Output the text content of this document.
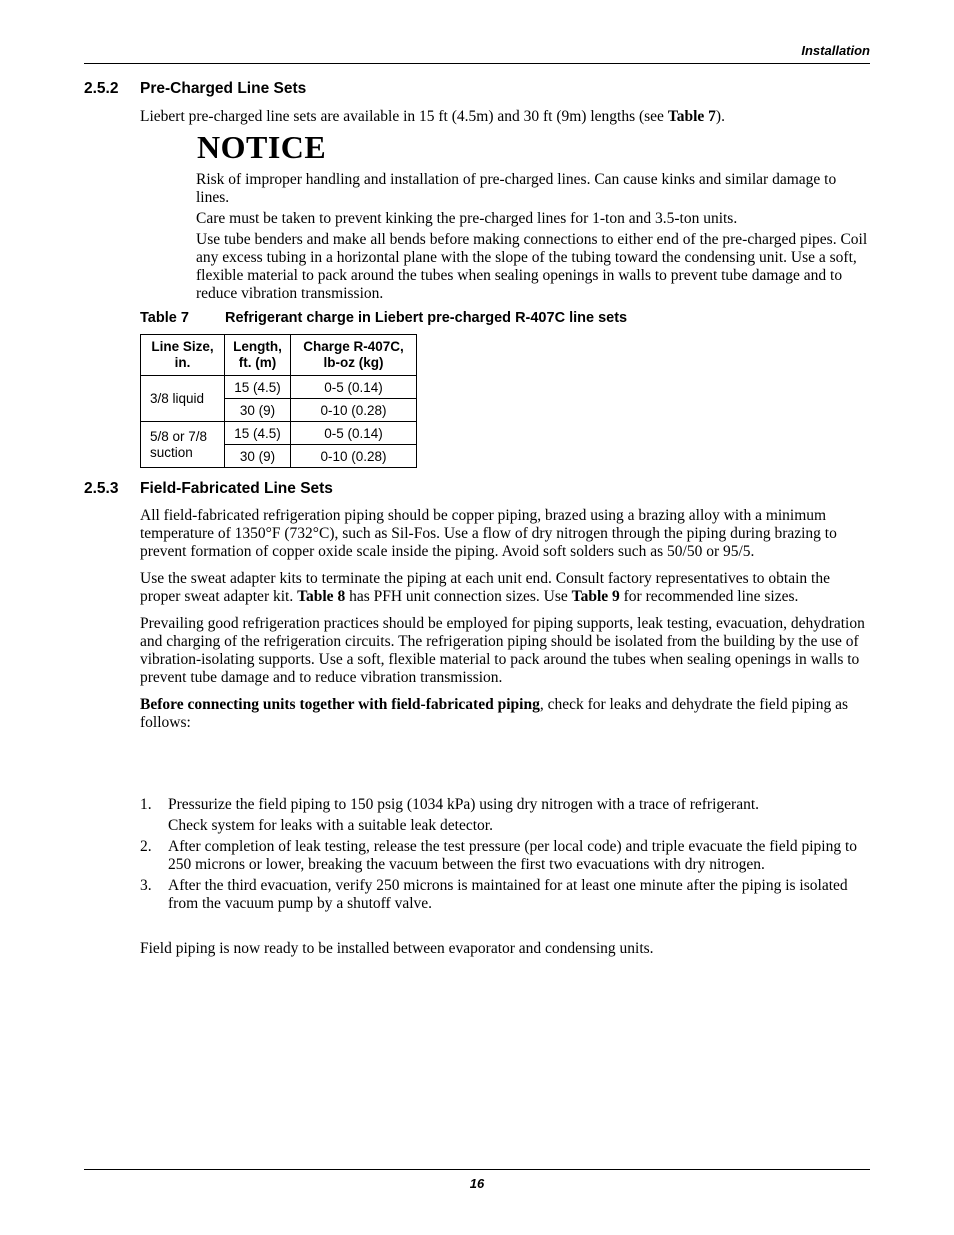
Installation
2.5.2 Pre-Charged Line Sets

Liebert pre-charged line sets are available in 15 ft (4.5m) and 30 ft (9m) lengths (see Table 7).

NOTICE

Risk of improper handling and installation of pre-charged lines. Can cause kinks and similar damage to lines.

Care must be taken to prevent kinking the pre-charged lines for 1-ton and 3.5-ton units.

Use tube benders and make all bends before making connections to either end of the pre-charged pipes. Coil any excess tubing in a horizontal plane with the slope of the tubing toward the condensing unit. Use a soft, flexible material to pack around the tubes when sealing openings in walls to prevent tube damage and to reduce vibration transmission.

Table 7 Refrigerant charge in Liebert pre-charged R-407C line sets
Line Size, in.	Length, ft. (m)	Charge R-407C, lb-oz (kg)

3/8 liquid	15 (4.5)	0-5 (0.14)
	30 (9)	0-10 (0.28)

5/8 or 7/8 suction	15 (4.5)	0-5 (0.14)
	30 (9)	0-10 (0.28)
2.5.3 Field-Fabricated Line Sets

All field-fabricated refrigeration piping should be copper piping, brazed using a brazing alloy with a minimum temperature of 1350°F (732°C), such as Sil-Fos. Use a flow of dry nitrogen through the piping during brazing to prevent formation of copper oxide scale inside the piping. Avoid soft solders such as 50/50 or 95/5.

Use the sweat adapter kits to terminate the piping at each unit end. Consult factory representatives to obtain the proper sweat adapter kit. Table 8 has PFH unit connection sizes. Use Table 9 for recommended line sizes.

Prevailing good refrigeration practices should be employed for piping supports, leak testing, evacuation, dehydration and charging of the refrigeration circuits. The refrigeration piping should be isolated from the building by the use of vibration-isolating supports. Use a soft, flexible material to pack around the tubes when sealing openings in walls to prevent tube damage and to reduce vibration transmission.

Before connecting units together with field-fabricated piping, check for leaks and dehydrate the field piping as follows:

1. Pressurize the field piping to 150 psig (1034 kPa) using dry nitrogen with a trace of refrigerant.
Check system for leaks with a suitable leak detector.
2. After completion of leak testing, release the test pressure (per local code) and triple evacuate the field piping to 250 microns or lower, breaking the vacuum between the first two evacuations with dry nitrogen.
3. After the third evacuation, verify 250 microns is maintained for at least one minute after the piping is isolated from the vacuum pump by a shutoff valve.

Field piping is now ready to be installed between evaporator and condensing units.

16
